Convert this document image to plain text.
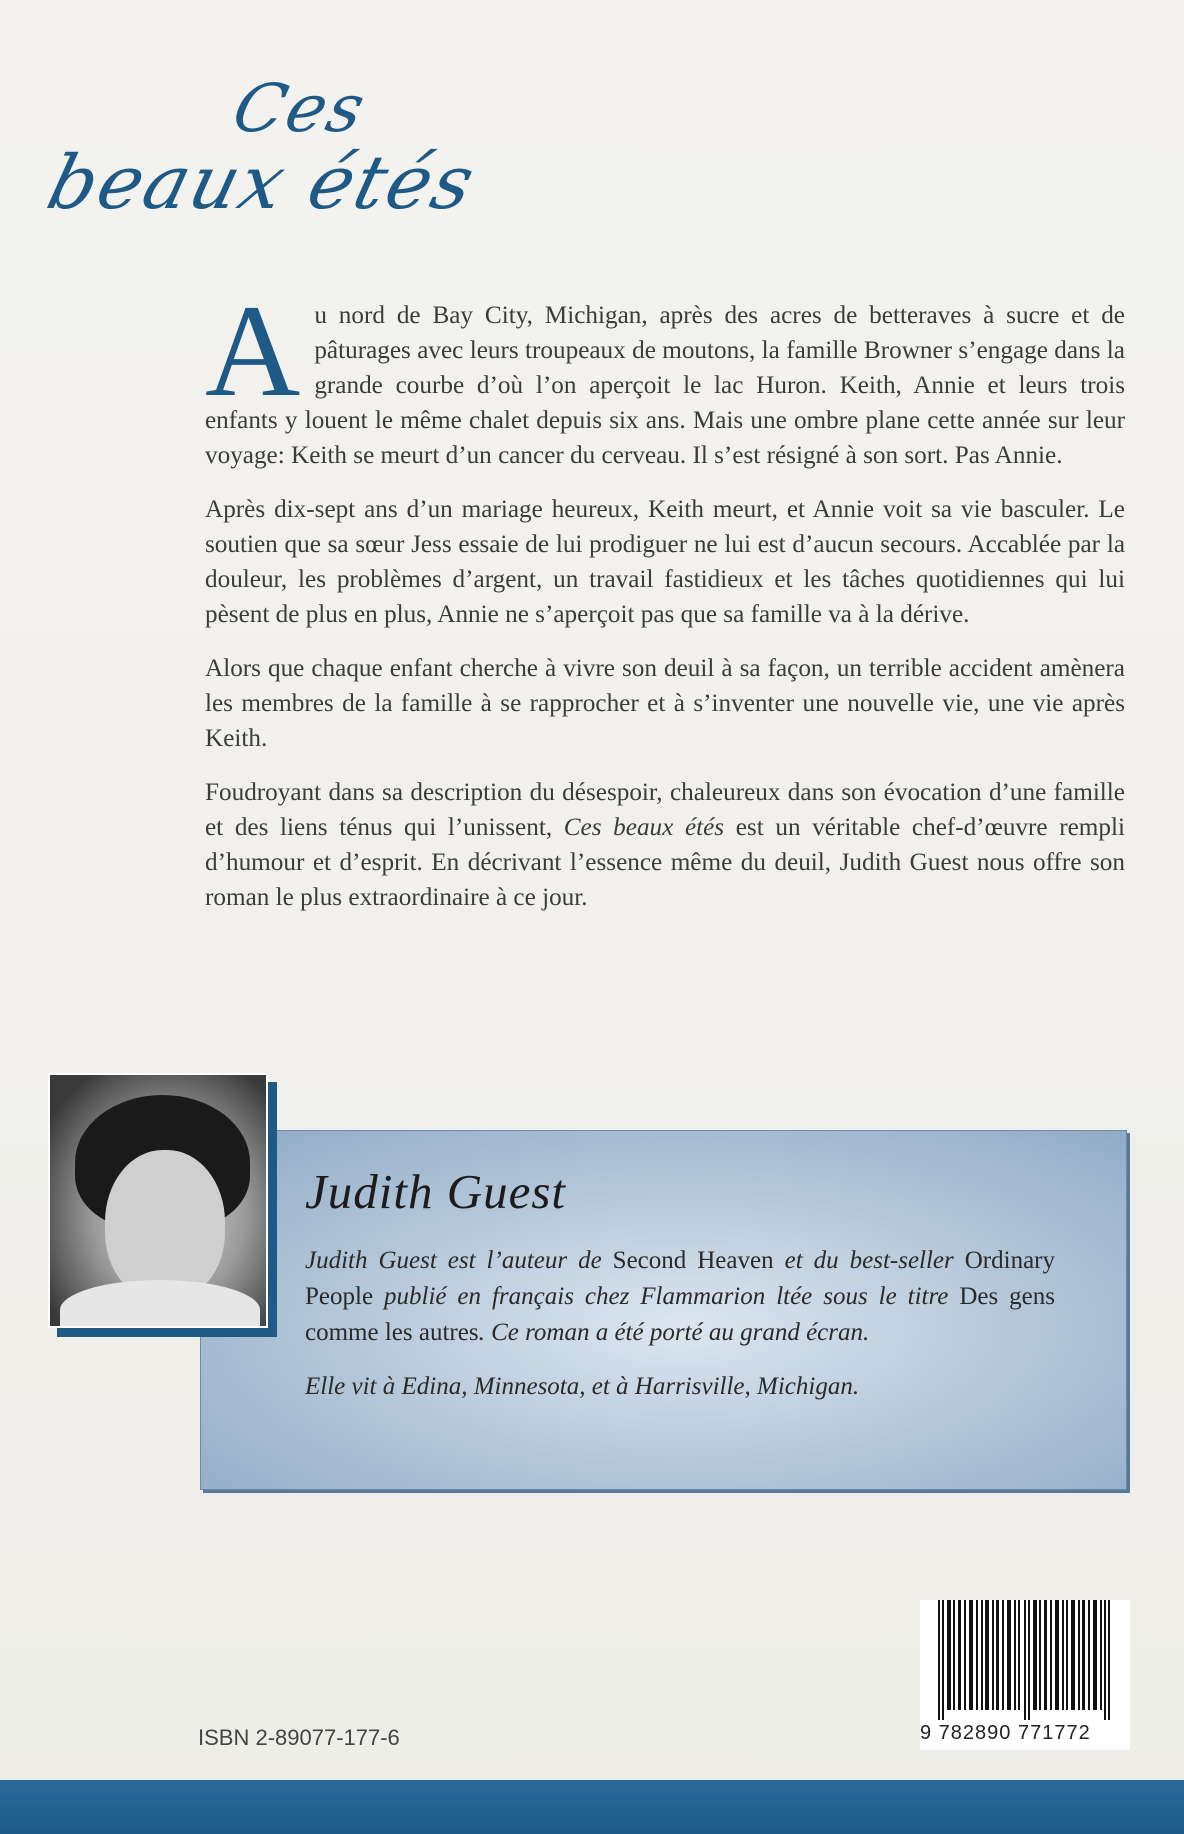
Ces
beaux étés

Au nord de Bay City, Michigan, après des acres de betteraves à sucre et de pâturages avec leurs troupeaux de moutons, la famille Browner s’engage dans la grande courbe d’où l’on aperçoit le lac Huron. Keith, Annie et leurs trois enfants y louent le même chalet depuis six ans. Mais une ombre plane cette année sur leur voyage: Keith se meurt d’un cancer du cerveau. Il s’est résigné à son sort. Pas Annie.

Après dix-sept ans d’un mariage heureux, Keith meurt, et Annie voit sa vie basculer. Le soutien que sa sœur Jess essaie de lui prodiguer ne lui est d’aucun secours. Accablée par la douleur, les problèmes d’argent, un travail fastidieux et les tâches quotidiennes qui lui pèsent de plus en plus, Annie ne s’aperçoit pas que sa famille va à la dérive.

Alors que chaque enfant cherche à vivre son deuil à sa façon, un terrible accident amènera les membres de la famille à se rapprocher et à s’inventer une nouvelle vie, une vie après Keith.

Foudroyant dans sa description du désespoir, chaleureux dans son évocation d’une famille et des liens ténus qui l’unissent, Ces beaux étés est un véritable chef-d’œuvre rempli d’humour et d’esprit. En décrivant l’essence même du deuil, Judith Guest nous offre son roman le plus extraordinaire à ce jour.

Judith Guest

Judith Guest est l’auteur de Second Heaven et du best-seller Ordinary People publié en français chez Flammarion ltée sous le titre Des gens comme les autres. Ce roman a été porté au grand écran.

Elle vit à Edina, Minnesota, et à Harrisville, Michigan.

ISBN 2-89077-177-6	9 782890 771772
